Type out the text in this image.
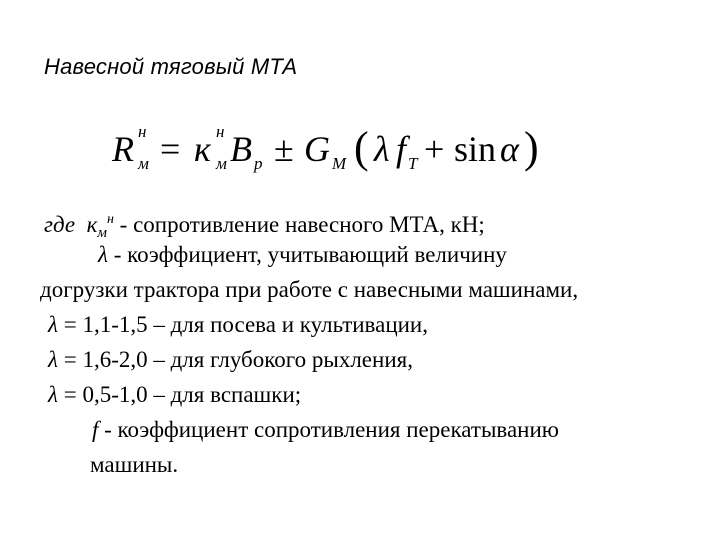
Навесной тяговый МТА
R н
м = к н
м B р ± G M ( λ f Т + sin α )
где $к_м^н$ - сопротивление навесного МТА, кН;
λ - коэффициент, учитывающий величину
догрузки трактора при работе с навесными машинами,
λ = 1,1-1,5 – для посева и культивации,
λ = 1,6-2,0 – для глубокого рыхления,
λ = 0,5-1,0 – для вспашки;
f - коэффициент сопротивления перекатыванию
машины.
